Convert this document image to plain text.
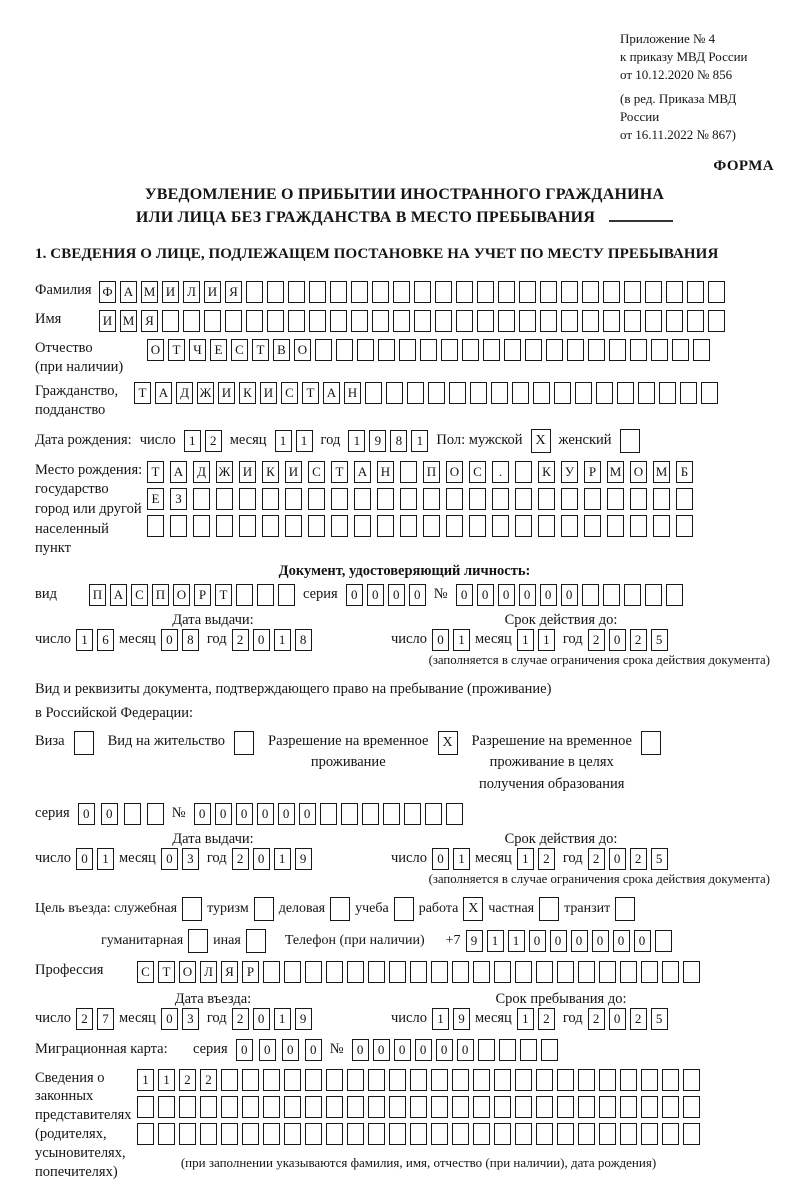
Приложение № 4
к приказу МВД России
от 10.12.2020 № 856
(в ред. Приказа МВД России
от 16.11.2022 № 867)
ФОРМА
УВЕДОМЛЕНИЕ О ПРИБЫТИИ ИНОСТРАННОГО ГРАЖДАНИНА
ИЛИ ЛИЦА БЕЗ ГРАЖДАНСТВА В МЕСТО ПРЕБЫВАНИЯ
1. СВЕДЕНИЯ О ЛИЦЕ, ПОДЛЕЖАЩЕМ ПОСТАНОВКЕ НА УЧЕТ ПО МЕСТУ ПРЕБЫВАНИЯ
Фамилия Ф А М И Л И Я
Имя	И М Я
Отчество
(при наличии)
О Т Ч Е С Т В О
Гражданство,
подданство
Т А Д Ж И К И С Т А Н
Дата рождения: число	1	2 месяц	1	1 год	1	9	8	1 Пол: мужской X женский
Место рождения:
государство
город или другой
населенный пункт
Т	А	Д Ж И	К	И	С	Т	А Н	П О	С	.	К	У	Р	М О М	Б
Е	З
Документ, удостоверяющий личность:
вид	П А С П О Р	Т	серия	0	0	0	0 №	0	0	0	0	0	0
Дата выдачи:	Срок действия до:
число 1	6 месяц 0	8 год 2	0	1	8	число 0	1 месяц 1	1 год 2	0	2	5
(заполняется в случае ограничения срока действия документа)
Вид и реквизиты документа, подтверждающего право на пребывание (проживание)
в Российской Федерации:
Виза	Вид на жительство	Разрешение на временное
проживание
X	Разрешение на временное
проживание в целях
получения образования
серия	0	0	№	0	0	0	0	0	0
Дата выдачи:	Срок действия до:
число 0	1 месяц 0	3 год 2	0	1	9	число 0	1 месяц 1	2 год 2	0	2	5
(заполняется в случае ограничения срока действия документа)
Цель въезда: служебная туризм деловая учеба работа X частная транзит
гуманитарная иная	Телефон (при наличии) +7 9	1	1	0	0	0	0	0	0
Профессия	С Т О Л Я	Р
Дата въезда:	Срок пребывания до:
число 2	7 месяц 0	3 год 2	0	1	9	число 1	9 месяц 1	2 год 2	0	2	5
Миграционная карта:	серия	0	0	0	0 №	0	0	0	0	0	0
Сведения о
законных
представителях
(родителях,
усыновителях,
попечителях)
1	1	2	2
(при заполнении указываются фамилия, имя, отчество (при наличии), дата рождения)
